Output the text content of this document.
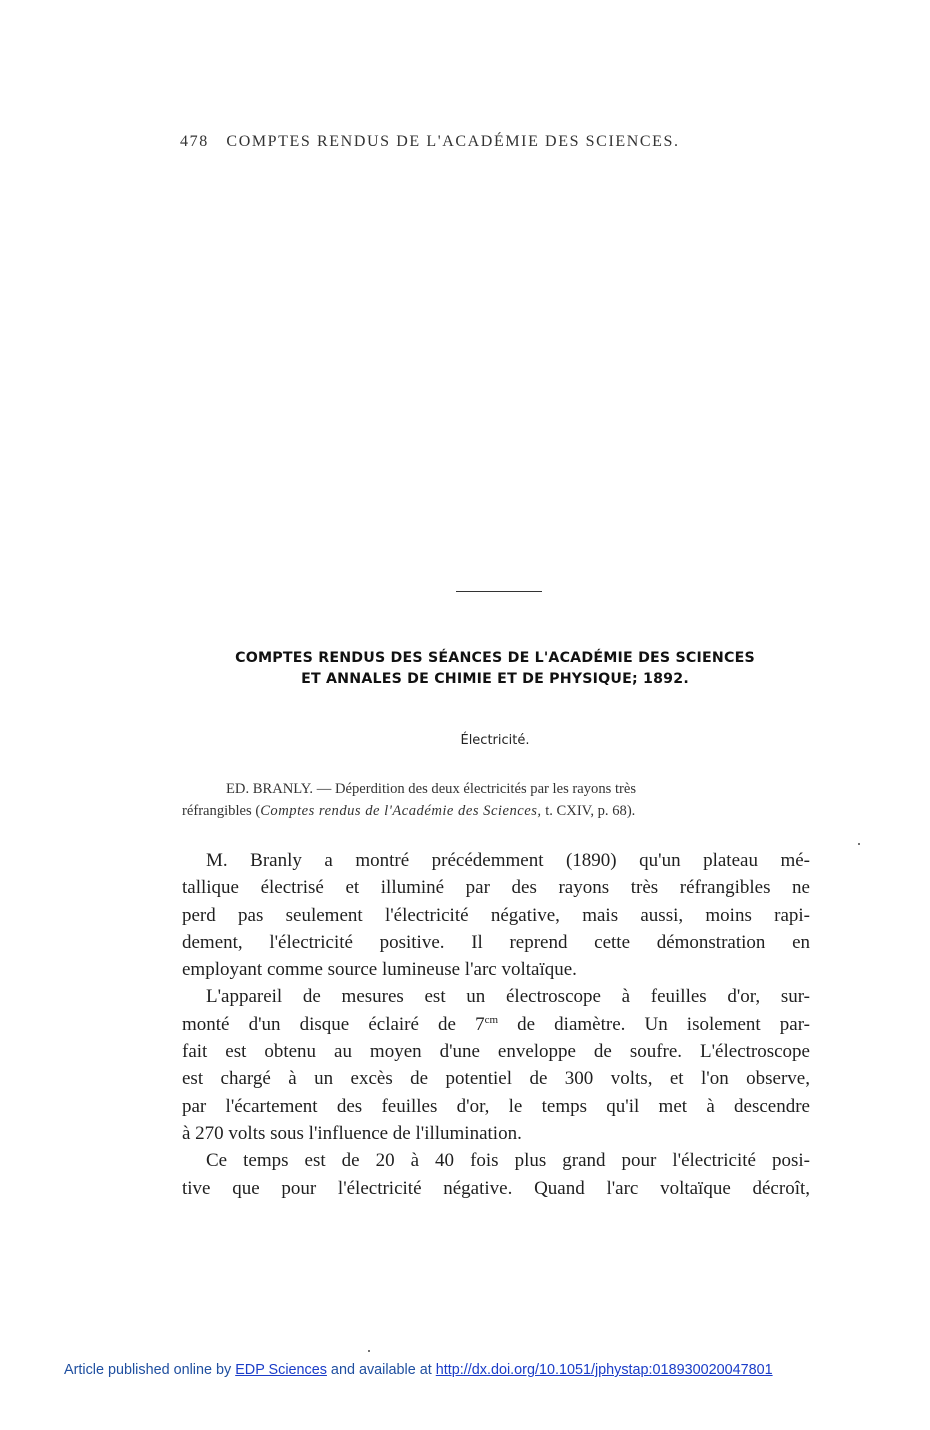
478 COMPTES RENDUS DE L'ACADÉMIE DES SCIENCES.
COMPTES RENDUS DES SÉANCES DE L'ACADÉMIE DES SCIENCES
ET ANNALES DE CHIMIE ET DE PHYSIQUE; 1892.
Électricité.
ED. BRANLY. — Déperdition des deux électricités par les rayons très
réfrangibles (Comptes rendus de l'Académie des Sciences, t. CXIV, p. 68).

M. Branly a montré précédemment (1890) qu'un plateau mé-
tallique électrisé et illuminé par des rayons très réfrangibles ne
perd pas seulement l'électricité négative, mais aussi, moins rapi-
dement, l'électricité positive. Il reprend cette démonstration en
employant comme source lumineuse l'arc voltaïque.

L'appareil de mesures est un électroscope à feuilles d'or, sur-
monté d'un disque éclairé de $7^{cm}$ de diamètre. Un isolement par-
fait est obtenu au moyen d'une enveloppe de soufre. L'électroscope
est chargé à un excès de potentiel de 300 volts, et l'on observe,
par l'écartement des feuilles d'or, le temps qu'il met à descendre
à 270 volts sous l'influence de l'illumination.

Ce temps est de 20 à 40 fois plus grand pour l'électricité posi-
tive que pour l'électricité négative. Quand l'arc voltaïque décroît,

Article published online by EDP Sciences and available at http://dx.doi.org/10.1051/jphystap:018930020047801
